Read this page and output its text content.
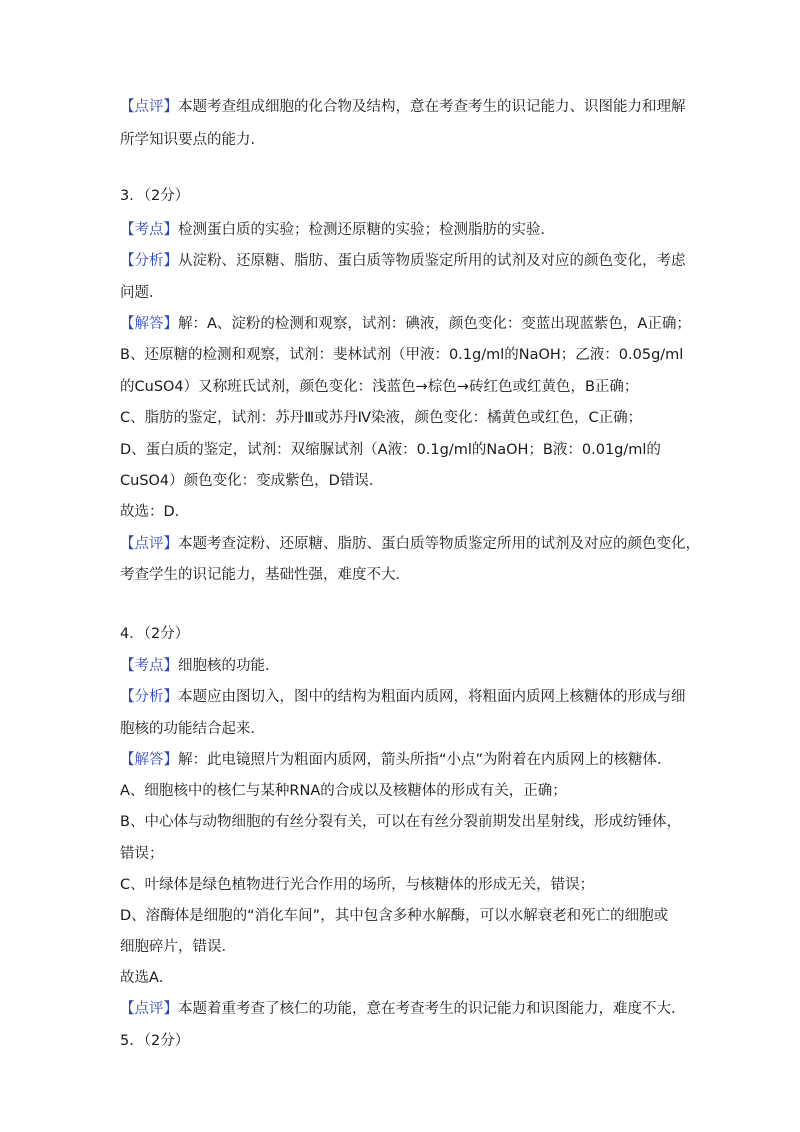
【点评】本题考查组成细胞的化合物及结构，意在考查考生的识记能力、识图能力和理解
所学知识要点的能力．
3．（2分）
【考点】检测蛋白质的实验；检测还原糖的实验；检测脂肪的实验．
【分析】从淀粉、还原糖、脂肪、蛋白质等物质鉴定所用的试剂及对应的颜色变化，考虑
问题．
【解答】解：A、淀粉的检测和观察，试剂：碘液，颜色变化：变蓝出现蓝紫色，A正确；
B、还原糖的检测和观察，试剂：斐林试剂（甲液：0.1g/ml的NaOH；乙液：0.05g/ml
的CuSO4）又称班氏试剂，颜色变化：浅蓝色→棕色→砖红色或红黄色，B正确；
C、脂肪的鉴定，试剂：苏丹Ⅲ或苏丹Ⅳ染液，颜色变化：橘黄色或红色，C正确；
D、蛋白质的鉴定，试剂：双缩脲试剂（A液：0.1g/ml的NaOH；B液：0.01g/ml的
CuSO4）颜色变化：变成紫色，D错误．
故选：D．
【点评】本题考查淀粉、还原糖、脂肪、蛋白质等物质鉴定所用的试剂及对应的颜色变化，
考查学生的识记能力，基础性强，难度不大．
4．（2分）
【考点】细胞核的功能．
【分析】本题应由图切入，图中的结构为粗面内质网，将粗面内质网上核糖体的形成与细
胞核的功能结合起来．
【解答】解：此电镜照片为粗面内质网，箭头所指“小点”为附着在内质网上的核糖体．
A、细胞核中的核仁与某种RNA的合成以及核糖体的形成有关，正确；
B、中心体与动物细胞的有丝分裂有关，可以在有丝分裂前期发出星射线，形成纺锤体，
错误；
C、叶绿体是绿色植物进行光合作用的场所，与核糖体的形成无关，错误；
D、溶酶体是细胞的“消化车间”，其中包含多种水解酶，可以水解衰老和死亡的细胞或
细胞碎片，错误．
故选A．
【点评】本题着重考查了核仁的功能，意在考查考生的识记能力和识图能力，难度不大．
5．（2分）
